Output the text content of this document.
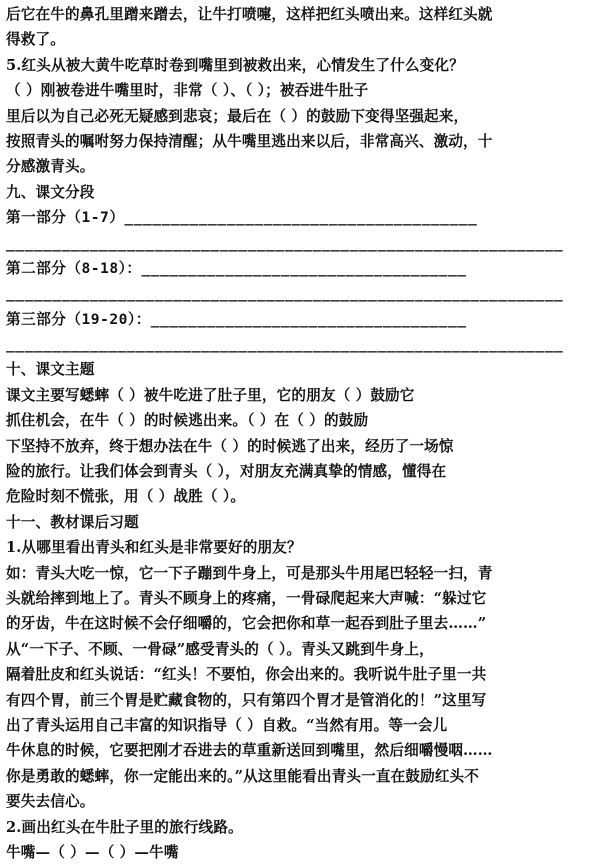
后它在牛的鼻孔里蹭来蹭去，让牛打喷嚏，这样把红头喷出来。这样红头就
得救了。
5.红头从被大黄牛吃草时卷到嘴里到被救出来，心情发生了什么变化？
（ ）刚被卷进牛嘴里时，非常（ ）、（ ）；被吞进牛肚子
里后以为自己必死无疑感到悲哀；最后在（ ）的鼓励下变得坚强起来，
按照青头的嘱咐努力保持清醒；从牛嘴里逃出来以后，非常高兴、激动，十
分感激青头。
九、课文分段
第一部分（1-7）______________________________________
____________________________________________________________
第二部分（8-18）：___________________________________
____________________________________________________________
第三部分（19-20）：__________________________________
____________________________________________________________
十、课文主题
课文主要写蟋蟀（ ）被牛吃进了肚子里，它的朋友（ ）鼓励它
抓住机会，在牛（ ）的时候逃出来。（ ）在（ ）的鼓励
下坚持不放弃，终于想办法在牛（ ）的时候逃了出来，经历了一场惊
险的旅行。让我们体会到青头（ ），对朋友充满真挚的情感，懂得在
危险时刻不慌张，用（ ）战胜（ ）。
十一、教材课后习题
1.从哪里看出青头和红头是非常要好的朋友？
如：青头大吃一惊，它一下子蹦到牛身上，可是那头牛用尾巴轻轻一扫，青
头就给摔到地上了。青头不顾身上的疼痛，一骨碌爬起来大声喊：“躲过它
的牙齿，牛在这时候不会仔细嚼的，它会把你和草一起吞到肚子里去……”
从“一下子、不顾、一骨碌”感受青头的（ ）。青头又跳到牛身上，
隔着肚皮和红头说话：“红头！不要怕，你会出来的。我听说牛肚子里一共
有四个胃，前三个胃是贮藏食物的，只有第四个胃才是管消化的！”这里写
出了青头运用自己丰富的知识指导（ ）自救。“当然有用。等一会儿
牛休息的时候，它要把刚才吞进去的草重新送回到嘴里，然后细嚼慢咽……
你是勇敢的蟋蟀，你一定能出来的。”从这里能看出青头一直在鼓励红头不
要失去信心。
2.画出红头在牛肚子里的旅行线路。
牛嘴—（ ）—（ ）—牛嘴
